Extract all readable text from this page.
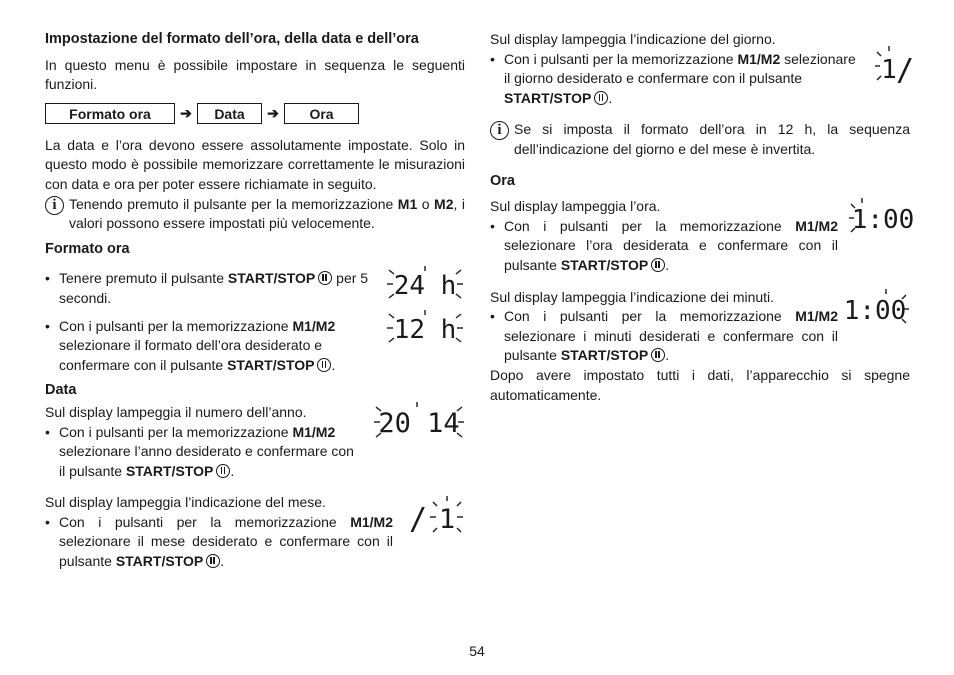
Impostazione del formato dell’ora, della data e dell’ora

In questo menu è possibile impostare in sequenza le seguenti funzioni.

Formato ora	➔	Data	➔	Ora

La data e l’ora devono essere assolutamente impostate. Solo in questo modo è possibile memorizzare correttamente le misurazioni con data e ora per poter essere richiamate in seguito.

i Tenendo premuto il pulsante per la memorizzazione M1 o M2, i valori possono essere impostati più velocemente.

Formato ora

• Tenere premuto il pulsante START/STOP per 5 secondi.	24 h

• Con i pulsanti per la memorizzazione M1/M2 selezionare il formato dell’ora desiderato e confermare con il pulsante START/STOP .

12 h

Data

Sul display lampeggia il numero dell’anno.

• Con i pulsanti per la memorizzazione M1/M2 selezionare l’anno desiderato e confermare con il pulsante START/STOP .

20 14

Sul display lampeggia l’indicazione del mese.

• Con i pulsanti per la memorizzazione M1/M2 selezionare il mese desiderato e confermare con il pulsante START/STOP .

/ 1

Sul display lampeggia l’indicazione del giorno.

• Con i pulsanti per la memorizzazione M1/M2 selezionare il giorno desiderato e confermare con il pulsante START/STOP .

1 /
i Se si imposta il formato dell’ora in 12 h, la sequenza dell’indicazione del giorno e del mese è invertita.

Ora

Sul display lampeggia l’ora.

• Con i pulsanti per la memorizzazione M1/M2 selezionare l’ora desiderata e confermare con il pulsante START/STOP .

1:00

Sul display lampeggia l’indicazione dei minuti.

• Con i pulsanti per la memorizzazione M1/M2 selezionare i minuti desiderati e confermare con il pulsante START/STOP .

1:00

Dopo avere impostato tutti i dati, l’apparecchio si spegne automaticamente.

54
